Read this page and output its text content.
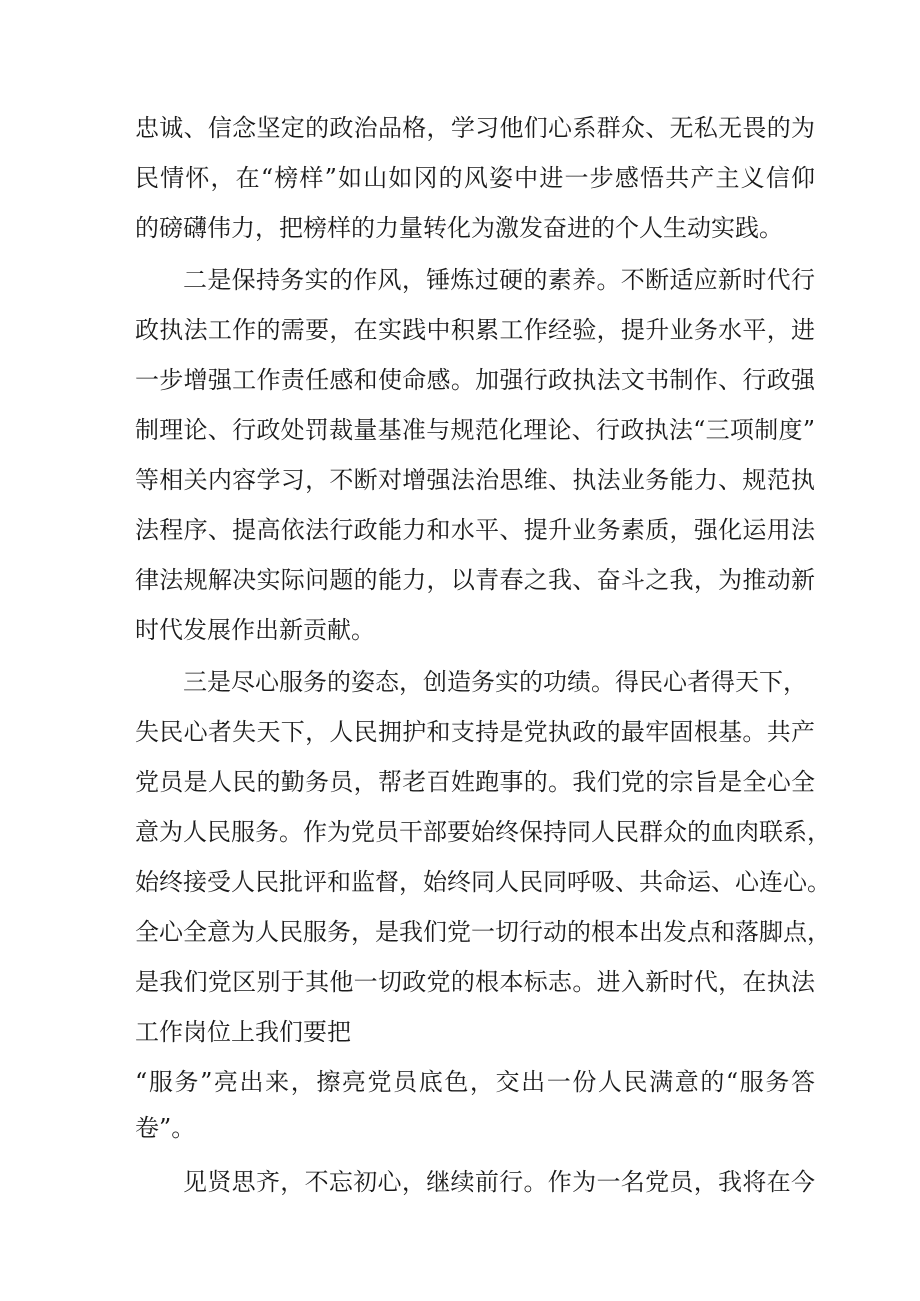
忠诚、信念坚定的政治品格，学习他们心系群众、无私无畏的为
民情怀，在“榜样”如山如冈的风姿中进一步感悟共产主义信仰
的磅礴伟力，把榜样的力量转化为激发奋进的个人生动实践。
二是保持务实的作风，锤炼过硬的素养。不断适应新时代行
政执法工作的需要，在实践中积累工作经验，提升业务水平，进
一步增强工作责任感和使命感。加强行政执法文书制作、行政强
制理论、行政处罚裁量基准与规范化理论、行政执法“三项制度”
等相关内容学习，不断对增强法治思维、执法业务能力、规范执
法程序、提高依法行政能力和水平、提升业务素质，强化运用法
律法规解决实际问题的能力，以青春之我、奋斗之我，为推动新
时代发展作出新贡献。
三是尽心服务的姿态，创造务实的功绩。得民心者得天下，
失民心者失天下，人民拥护和支持是党执政的最牢固根基。共产
党员是人民的勤务员，帮老百姓跑事的。我们党的宗旨是全心全
意为人民服务。作为党员干部要始终保持同人民群众的血肉联系，
始终接受人民批评和监督，始终同人民同呼吸、共命运、心连心。
全心全意为人民服务，是我们党一切行动的根本出发点和落脚点，
是我们党区别于其他一切政党的根本标志。进入新时代，在执法
工作岗位上我们要把
“服务”亮出来，擦亮党员底色，交出一份人民满意的“服务答
卷”。
见贤思齐，不忘初心，继续前行。作为一名党员，我将在今
